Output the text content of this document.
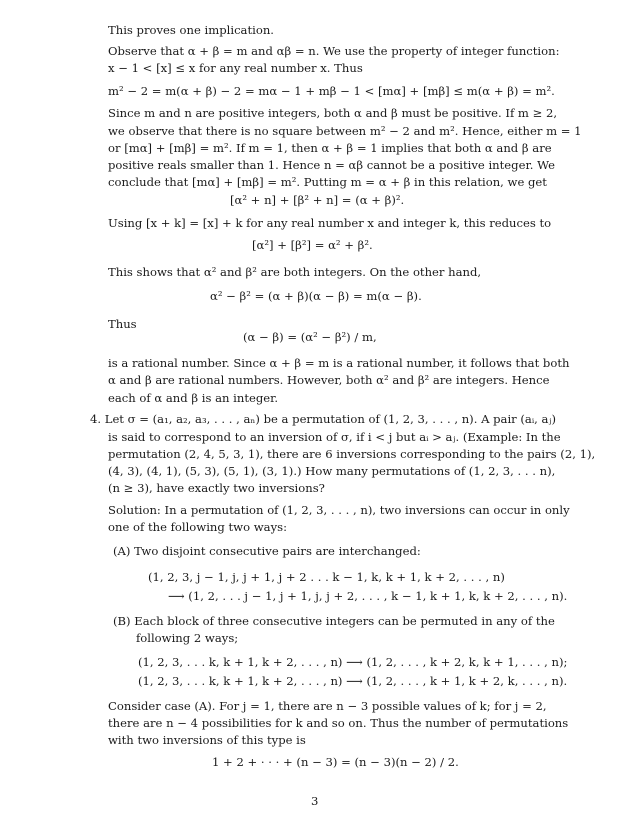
This proves one implication.
Observe that α + β = m and αβ = n. We use the property of integer function:
x − 1 < [x] ≤ x for any real number x. Thus
m² − 2 = m(α + β) − 2 = mα − 1 + mβ − 1 < [mα] + [mβ] ≤ m(α + β) = m².
Since m and n are positive integers, both α and β must be positive. If m ≥ 2,
we observe that there is no square between m² − 2 and m². Hence, either m = 1
or [mα] + [mβ] = m². If m = 1, then α + β = 1 implies that both α and β are
positive reals smaller than 1. Hence n = αβ cannot be a positive integer. We
conclude that [mα] + [mβ] = m². Putting m = α + β in this relation, we get
[α² + n] + [β² + n] = (α + β)².
Using [x + k] = [x] + k for any real number x and integer k, this reduces to
[α²] + [β²] = α² + β².
This shows that α² and β² are both integers. On the other hand,
α² − β² = (α + β)(α − β) = m(α − β).
Thus
(α − β) = (α² − β²) / m,
is a rational number. Since α + β = m is a rational number, it follows that both
α and β are rational numbers. However, both α² and β² are integers. Hence
each of α and β is an integer.
4. Let σ = (a₁, a₂, a₃, . . . , aₙ) be a permutation of (1, 2, 3, . . . , n). A pair (aᵢ, aⱼ)
is said to correspond to an inversion of σ, if i < j but aᵢ > aⱼ. (Example: In the
permutation (2, 4, 5, 3, 1), there are 6 inversions corresponding to the pairs (2, 1),
(4, 3), (4, 1), (5, 3), (5, 1), (3, 1).) How many permutations of (1, 2, 3, . . . n),
(n ≥ 3), have exactly two inversions?
Solution: In a permutation of (1, 2, 3, . . . , n), two inversions can occur in only
one of the following two ways:
(A) Two disjoint consecutive pairs are interchanged:
(1, 2, 3, j − 1, j, j + 1, j + 2 . . . k − 1, k, k + 1, k + 2, . . . , n)
⟶ (1, 2, . . . j − 1, j + 1, j, j + 2, . . . , k − 1, k + 1, k, k + 2, . . . , n).
(B) Each block of three consecutive integers can be permuted in any of the
following 2 ways;
(1, 2, 3, . . . k, k + 1, k + 2, . . . , n) ⟶ (1, 2, . . . , k + 2, k, k + 1, . . . , n);
(1, 2, 3, . . . k, k + 1, k + 2, . . . , n) ⟶ (1, 2, . . . , k + 1, k + 2, k, . . . , n).
Consider case (A). For j = 1, there are n − 3 possible values of k; for j = 2,
there are n − 4 possibilities for k and so on. Thus the number of permutations
with two inversions of this type is
1 + 2 + · · · + (n − 3) = (n − 3)(n − 2) / 2.
3
